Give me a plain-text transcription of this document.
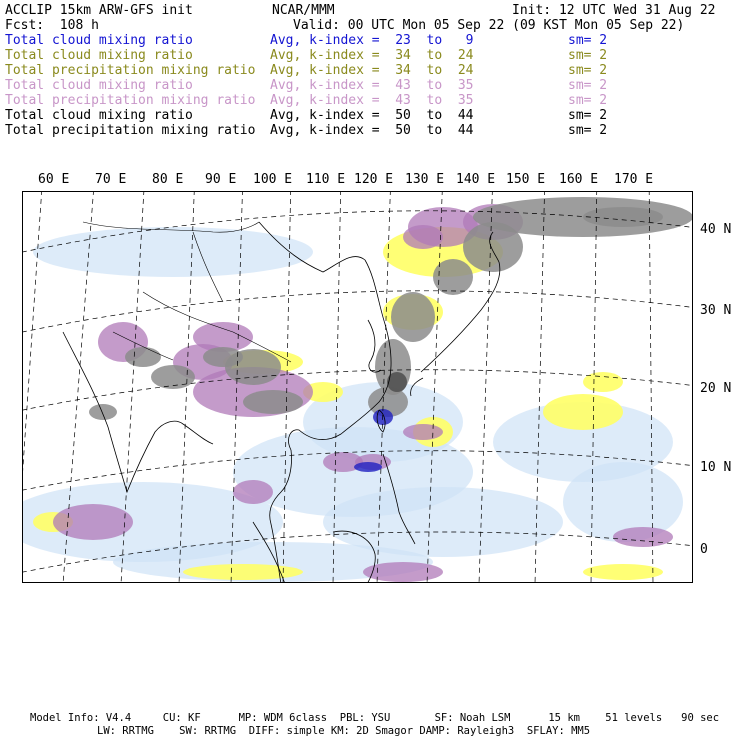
ACCLIP 15km ARW-GFS init	NCAR/MMM	Init: 12 UTC Wed 31 Aug 22
Fcst:  108 h	Valid: 00 UTC Mon 05 Sep 22 (09 KST Mon 05 Sep 22)
Total cloud mixing ratio	Avg, k-index =  23  to   9	sm= 2
Total cloud mixing ratio	Avg, k-index =  34  to  24	sm= 2
Total precipitation mixing ratio Avg, k-index =  34  to  24	sm= 2
Total cloud mixing ratio	Avg, k-index =  43  to  35	sm= 2
Total precipitation mixing ratio Avg, k-index =  43  to  35	sm= 2
Total cloud mixing ratio	Avg, k-index =  50  to  44	sm= 2
Total precipitation mixing ratio Avg, k-index =  50  to  44	sm= 2
60 E 70 E 80 E 90 E 100 E 110 E 120 E 130 E 140 E 150 E 160 E 170 E
40 N
30 N
20 N
10 N
0
Model Info: V4.4     CU: KF      MP: WDM 6class  PBL: YSU       SF: Noah LSM      15 km    51 levels   90 sec
LW: RRTMG    SW: RRTMG  DIFF: simple KM: 2D Smagor DAMP: Rayleigh3  SFLAY: MM5
